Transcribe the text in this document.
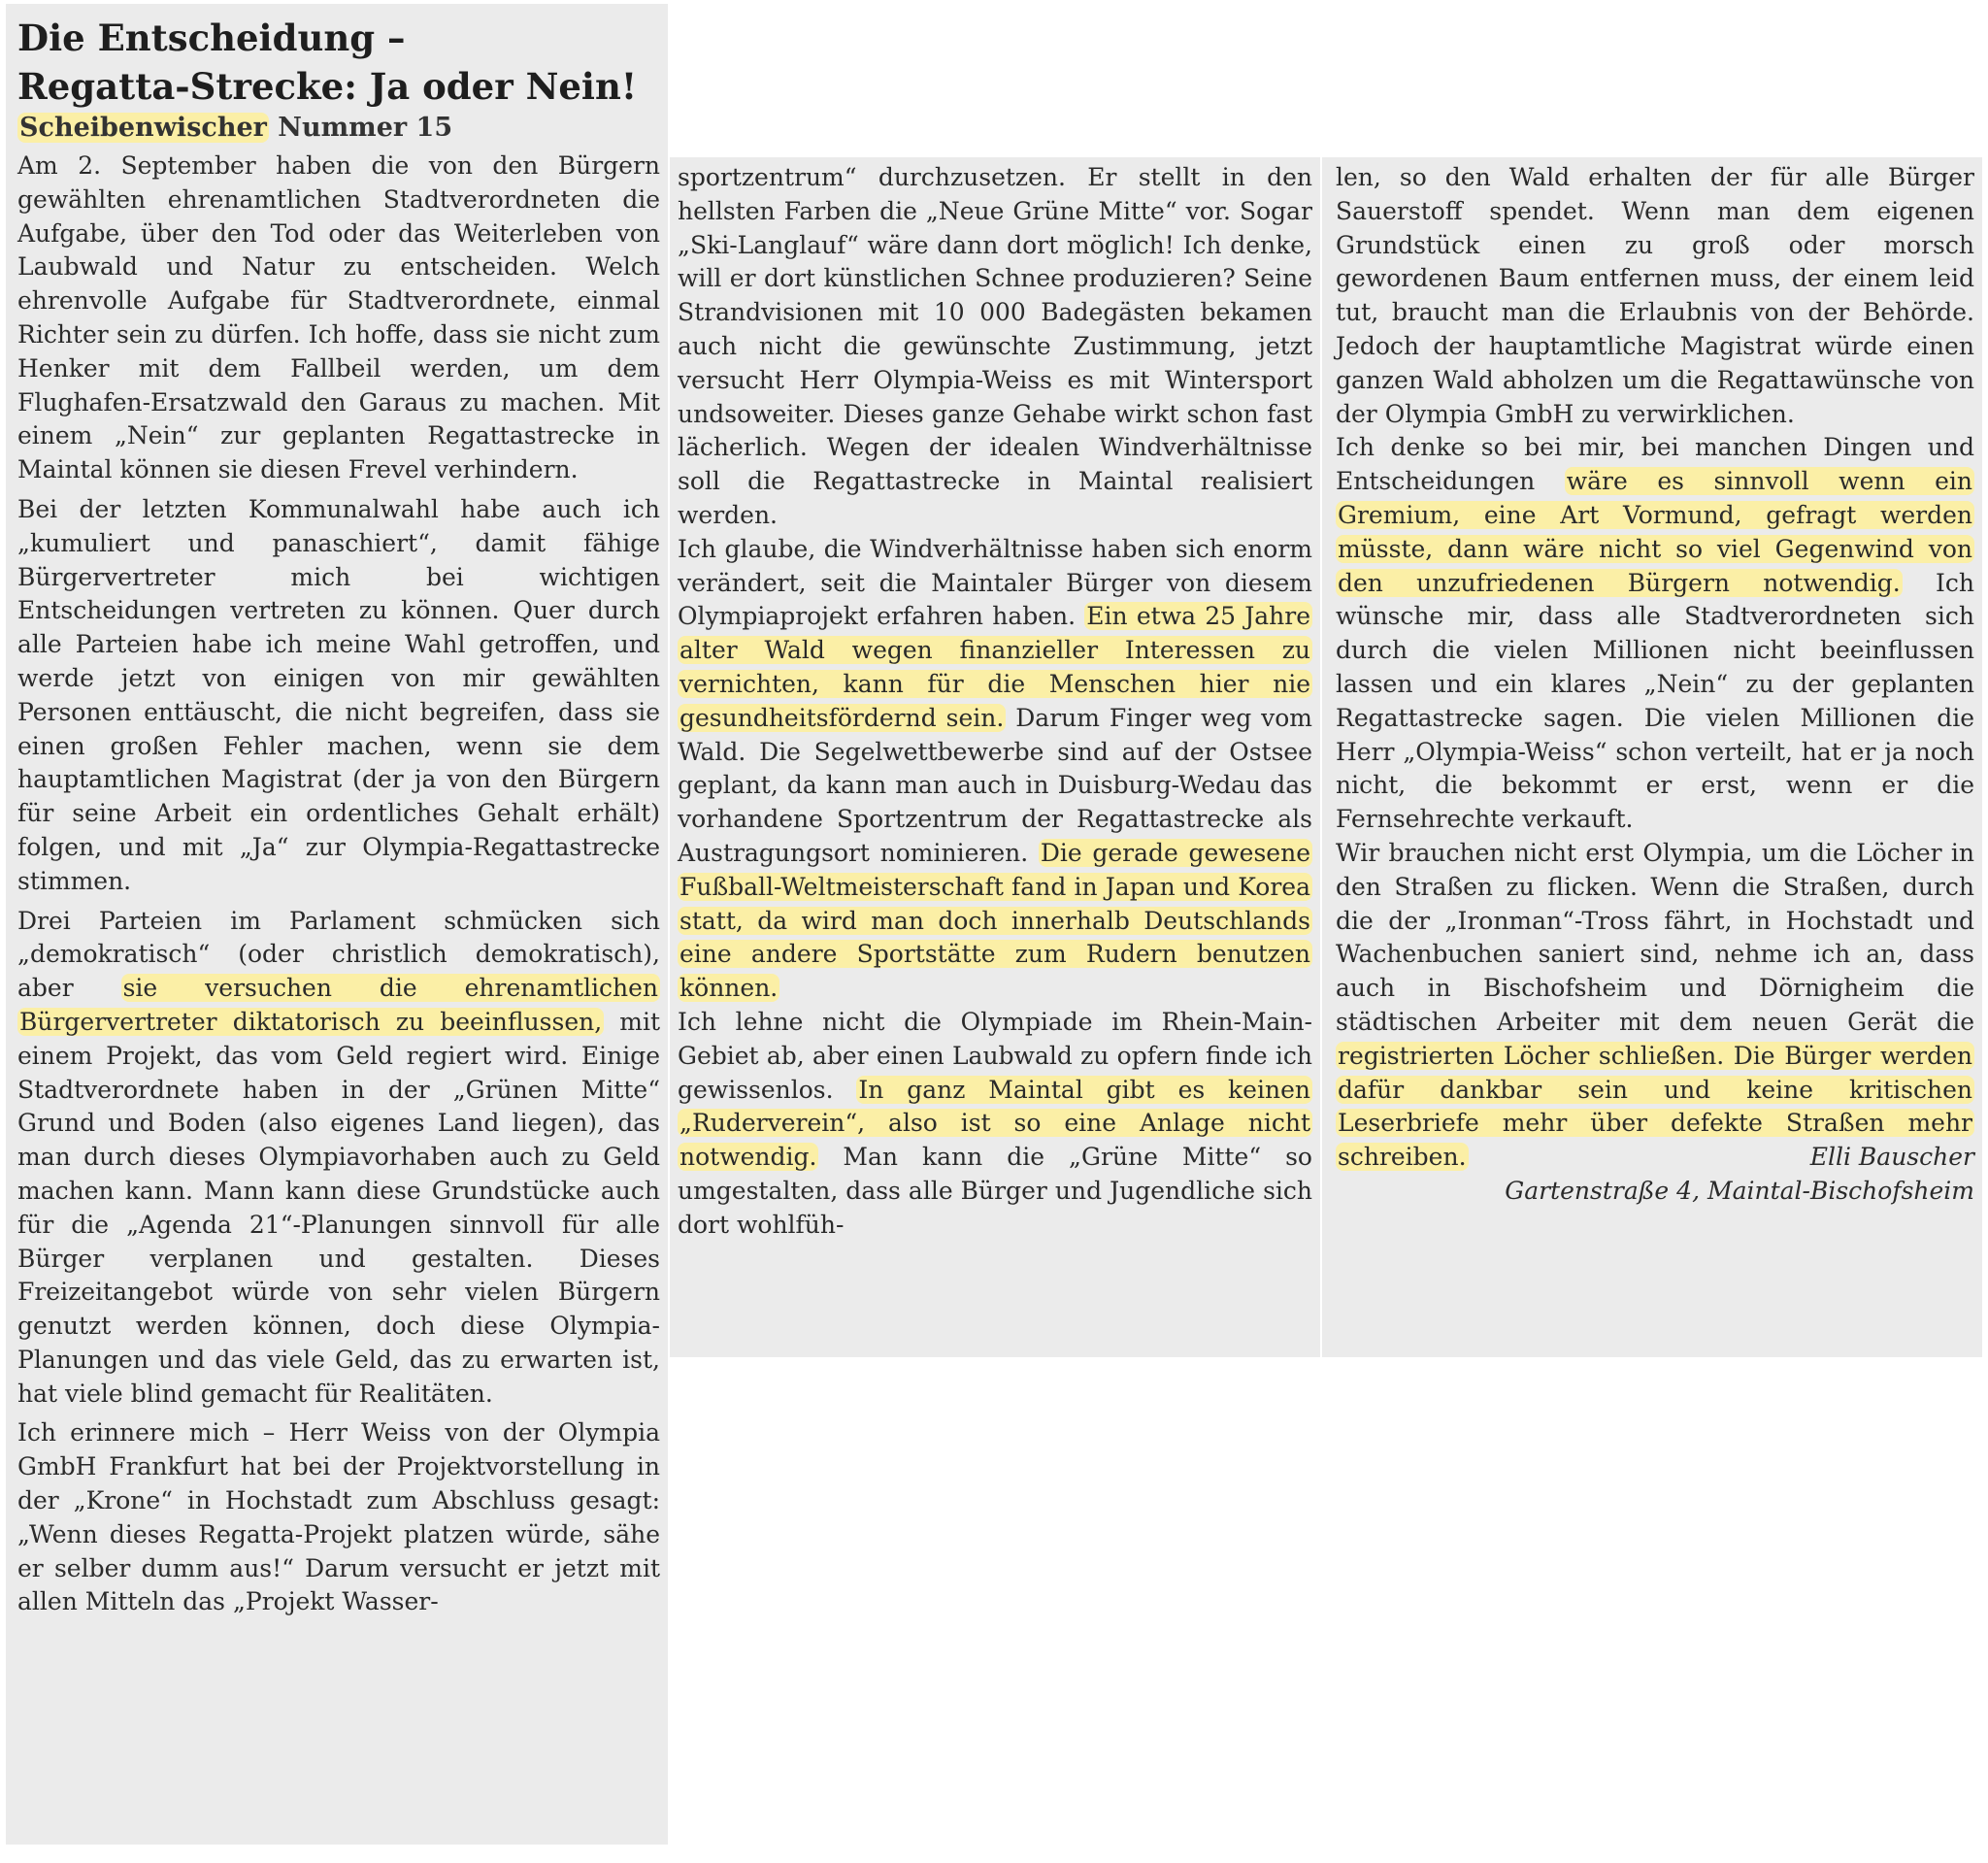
Die Entscheidung –
Regatta-Strecke: Ja oder Nein!
Scheibenwischer Nummer 15

Am 2. September haben die von den Bürgern gewählten ehrenamtlichen Stadtverordneten die Aufgabe, über den Tod oder das Weiterleben von Laubwald und Natur zu entscheiden. Welch ehrenvolle Aufgabe für Stadtverordnete, einmal Richter sein zu dürfen. Ich hoffe, dass sie nicht zum Henker mit dem Fallbeil werden, um dem Flughafen-Ersatzwald den Garaus zu machen. Mit einem „Nein“ zur geplanten Regattastrecke in Maintal können sie diesen Frevel verhindern.

Bei der letzten Kommunalwahl habe auch ich „kumuliert und panaschiert“, damit fähige Bürgervertreter mich bei wichtigen Entscheidungen vertreten zu können. Quer durch alle Parteien habe ich meine Wahl getroffen, und werde jetzt von einigen von mir gewählten Personen enttäuscht, die nicht begreifen, dass sie einen großen Fehler machen, wenn sie dem hauptamtlichen Magistrat (der ja von den Bürgern für seine Arbeit ein ordentliches Gehalt erhält) folgen, und mit „Ja“ zur Olympia-Regattastrecke stimmen.

Drei Parteien im Parlament schmücken sich „demokratisch“ (oder christlich demokratisch), aber sie versuchen die ehrenamtlichen Bürgervertreter diktatorisch zu beeinflussen, mit einem Projekt, das vom Geld regiert wird. Einige Stadtverordnete haben in der „Grünen Mitte“ Grund und Boden (also eigenes Land liegen), das man durch dieses Olympiavorhaben auch zu Geld machen kann. Mann kann diese Grundstücke auch für die „Agenda 21“-Planungen sinnvoll für alle Bürger verplanen und gestalten. Dieses Freizeitangebot würde von sehr vielen Bürgern genutzt werden können, doch diese Olympia-Planungen und das viele Geld, das zu erwarten ist, hat viele blind gemacht für Realitäten.

Ich erinnere mich – Herr Weiss von der Olympia GmbH Frankfurt hat bei der Projektvorstellung in der „Krone“ in Hochstadt zum Abschluss gesagt: „Wenn dieses Regatta-Projekt platzen würde, sähe er selber dumm aus!“ Darum versucht er jetzt mit allen Mitteln das „Projekt Wasser-

sportzentrum“ durchzusetzen. Er stellt in den hellsten Farben die „Neue Grüne Mitte“ vor. Sogar „Ski-Langlauf“ wäre dann dort möglich! Ich denke, will er dort künstlichen Schnee produzieren? Seine Strandvisionen mit 10 000 Badegästen bekamen auch nicht die gewünschte Zustimmung, jetzt versucht Herr Olympia-Weiss es mit Wintersport undsoweiter. Dieses ganze Gehabe wirkt schon fast lächerlich. Wegen der idealen Windverhältnisse soll die Regattastrecke in Maintal realisiert werden.

Ich glaube, die Windverhältnisse haben sich enorm verändert, seit die Maintaler Bürger von diesem Olympiaprojekt erfahren haben. Ein etwa 25 Jahre alter Wald wegen finanzieller Interessen zu vernichten, kann für die Menschen hier nie gesundheitsfördernd sein. Darum Finger weg vom Wald. Die Segelwettbewerbe sind auf der Ostsee geplant, da kann man auch in Duisburg-Wedau das vorhandene Sportzentrum der Regattastrecke als Austragungsort nominieren. Die gerade gewesene Fußball-Weltmeisterschaft fand in Japan und Korea statt, da wird man doch innerhalb Deutschlands eine andere Sportstätte zum Rudern benutzen können.

Ich lehne nicht die Olympiade im Rhein-Main-Gebiet ab, aber einen Laubwald zu opfern finde ich gewissenlos. In ganz Maintal gibt es keinen „Ruderverein“, also ist so eine Anlage nicht notwendig. Man kann die „Grüne Mitte“ so umgestalten, dass alle Bürger und Jugendliche sich dort wohlfüh-

len, so den Wald erhalten der für alle Bürger Sauerstoff spendet. Wenn man dem eigenen Grundstück einen zu groß oder morsch gewordenen Baum entfernen muss, der einem leid tut, braucht man die Erlaubnis von der Behörde. Jedoch der hauptamtliche Magistrat würde einen ganzen Wald abholzen um die Regattawünsche von der Olympia GmbH zu verwirklichen.

Ich denke so bei mir, bei manchen Dingen und Entscheidungen wäre es sinnvoll wenn ein Gremium, eine Art Vormund, gefragt werden müsste, dann wäre nicht so viel Gegenwind von den unzufriedenen Bürgern notwendig. Ich wünsche mir, dass alle Stadtverordneten sich durch die vielen Millionen nicht beeinflussen lassen und ein klares „Nein“ zu der geplanten Regattastrecke sagen. Die vielen Millionen die Herr „Olympia-Weiss“ schon verteilt, hat er ja noch nicht, die bekommt er erst, wenn er die Fernsehrechte verkauft.

Wir brauchen nicht erst Olympia, um die Löcher in den Straßen zu flicken. Wenn die Straßen, durch die der „Ironman“-Tross fährt, in Hochstadt und Wachenbuchen saniert sind, nehme ich an, dass auch in Bischofsheim und Dörnigheim die städtischen Arbeiter mit dem neuen Gerät die registrierten Löcher schließen. Die Bürger werden dafür dankbar sein und keine kritischen Leserbriefe mehr über defekte Straßen mehr schreiben.	Elli Bauscher

Gartenstraße 4, Maintal-Bischofsheim
